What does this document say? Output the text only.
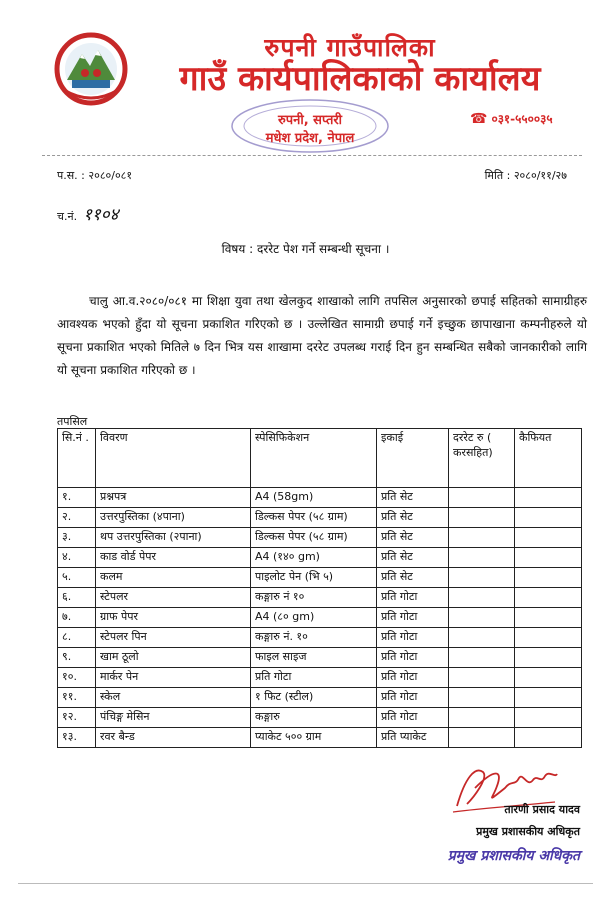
रुपनी गाउँपालिका
गाउँ कार्यपालिकाको कार्यालय
रुपनी, सप्तरी
मधेश प्रदेश, नेपाल
☎ ०३१-५५००३५
प.स. : २०८०/०८१	मिति : २०८०/११/२७
च.नं. ११०४
विषय : दररेट पेश गर्ने सम्बन्धी सूचना ।
चालु आ.व.२०८०/०८१ मा शिक्षा युवा तथा खेलकुद शाखाको लागि तपसिल अनुसारको छपाई सहितको सामाग्रीहरु आवश्यक भएको हुँदा यो सूचना प्रकाशित गरिएको छ । उल्लेखित सामाग्री छपाई गर्ने इच्छुक छापाखाना कम्पनीहरुले यो सूचना प्रकाशित भएको मितिले ७ दिन भित्र यस शाखामा दररेट उपलब्ध गराई दिन हुन सम्बन्धित सबैको जानकारीको लागि यो सूचना प्रकाशित गरिएको छ ।
तपसिल
सि.नं .	विवरण	स्पेसिफिकेशन	इकाई	दररेट रु ( करसहित)	कैफियत
१.	प्रश्नपत्र	A4 (58gm)	प्रति सेट		
२.	उत्तरपुस्तिका (४पाना)	डिल्कस पेपर (५८ ग्राम)	प्रति सेट		
३.	थप उत्तरपुस्तिका (२पाना)	डिल्कस पेपर (५८ ग्राम)	प्रति सेट		
४.	काड वोर्ड पेपर	A4 (१४० gm)	प्रति सेट		
५.	कलम	पाइलोट पेन (भि ५)	प्रति सेट		
६.	स्टेपलर	कङ्गारु नं १०	प्रति गोटा		
७.	ग्राफ पेपर	A4 (८० gm)	प्रति गोटा		
८.	स्टेपलर पिन	कङ्गारु नं. १०	प्रति गोटा		
९.	खाम ठूलो	फाइल साइज	प्रति गोटा		
१०.	मार्कर पेन	प्रति गोटा	प्रति गोटा		
११.	स्केल	१ फिट (स्टील)	प्रति गोटा		
१२.	पंचिङ्ग मेसिन	कङ्गारु	प्रति गोटा		
१३.	रवर बैन्ड	प्याकेट ५०० ग्राम	प्रति प्याकेट		
तारणी प्रसाद यादव
प्रमुख प्रशासकीय अधिकृत
प्रमुख प्रशासकीय अधिकृत
